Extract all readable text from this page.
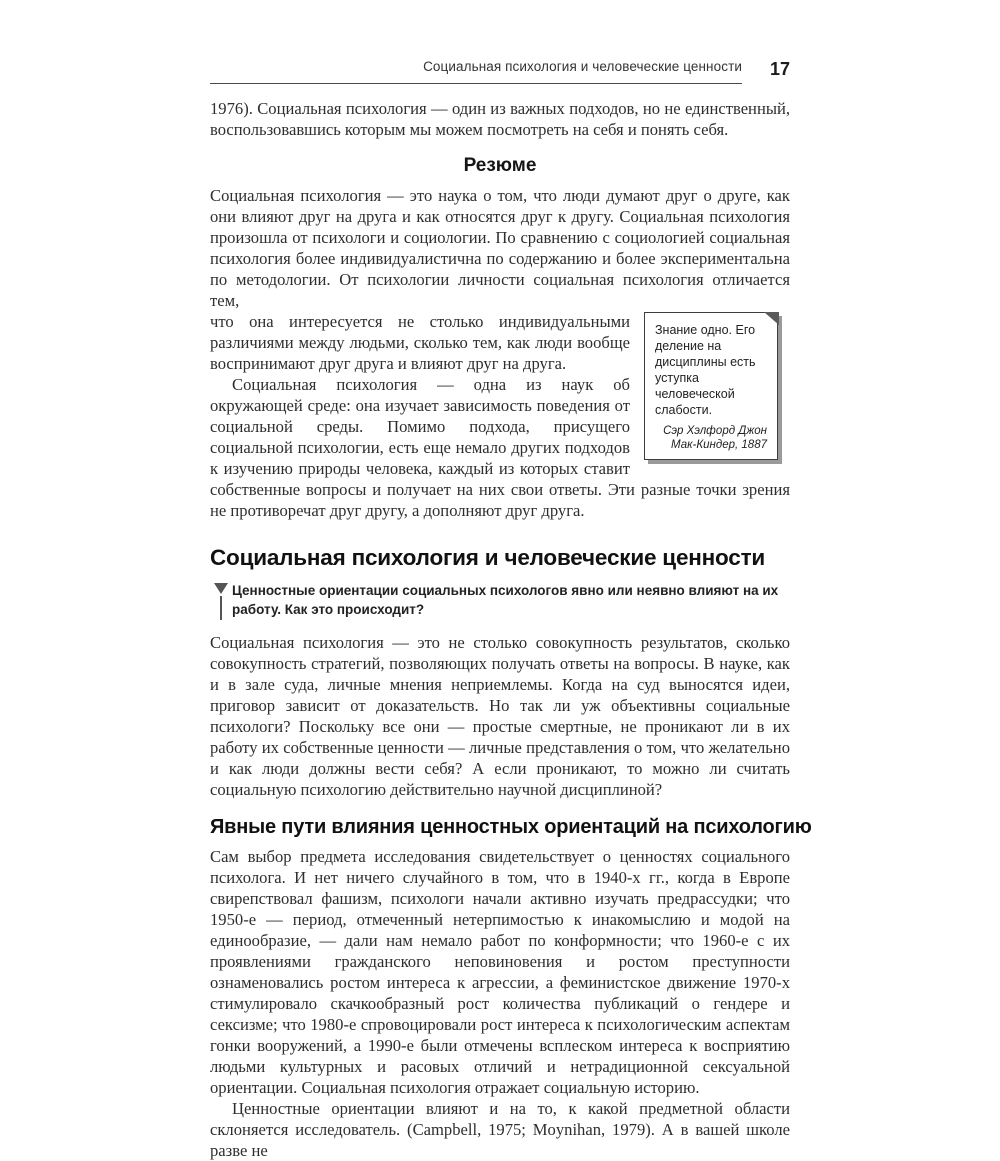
Социальная психология и человеческие ценности	17

1976). Социальная психология — один из важных подходов, но не единственный, воспользовавшись которым мы можем посмотреть на себя и понять себя.

Резюме

Социальная психология — это наука о том, что люди думают друг о друге, как они влияют друг на друга и как относятся друг к другу. Социальная психология произошла от психологи и социологии. По сравнению с социологией социальная психология более индивидуалистична по содержанию и более экспериментальна по методологии. От психологии личности социальная психология отличается тем,

Знание одно. Его деление на дисциплины есть уступка человеческой слабости.

Сэр Хэлфорд Джон
Мак-Киндер, 1887

что она интересуется не столько индивидуальными различиями между людьми, сколько тем, как люди вообще воспринимают друг друга и влияют друг на друга.

Социальная психология — одна из наук об окружающей среде: она изучает зависимость поведения от социальной среды. Помимо подхода, присущего социальной психологии, есть еще немало других подходов к изучению природы человека, каждый из которых ставит собственные вопросы и получает на них свои ответы. Эти разные точки зрения не противоречат друг другу, а дополняют друг друга.

Социальная психология и человеческие ценности

Ценностные ориентации социальных психологов явно или неявно влияют на их работу. Как это происходит?

Социальная психология — это не столько совокупность результатов, сколько совокупность стратегий, позволяющих получать ответы на вопросы. В науке, как и в зале суда, личные мнения неприемлемы. Когда на суд выносятся идеи, приговор зависит от доказательств. Но так ли уж объективны социальные психологи? Поскольку все они — простые смертные, не проникают ли в их работу их собственные ценности — личные представления о том, что желательно и как люди должны вести себя? А если проникают, то можно ли считать социальную психологию действительно научной дисциплиной?

Явные пути влияния ценностных ориентаций на психологию

Сам выбор предмета исследования свидетельствует о ценностях социального психолога. И нет ничего случайного в том, что в 1940-х гг., когда в Европе свирепствовал фашизм, психологи начали активно изучать предрассудки; что 1950-е — период, отмеченный нетерпимостью к инакомыслию и модой на единообразие, — дали нам немало работ по конформности; что 1960-е с их проявлениями гражданского неповиновения и ростом преступности ознаменовались ростом интереса к агрессии, а феминистское движение 1970-х стимулировало скачкообразный рост количества публикаций о гендере и сексизме; что 1980-е спровоцировали рост интереса к психологическим аспектам гонки вооружений, а 1990-е были отмечены всплеском интереса к восприятию людьми культурных и расовых отличий и нетрадиционной сексуальной ориентации. Социальная психология отражает социальную историю.

Ценностные ориентации влияют и на то, к какой предметной области склоняется исследователь. (Campbell, 1975; Moynihan, 1979). А в вашей школе разве не
